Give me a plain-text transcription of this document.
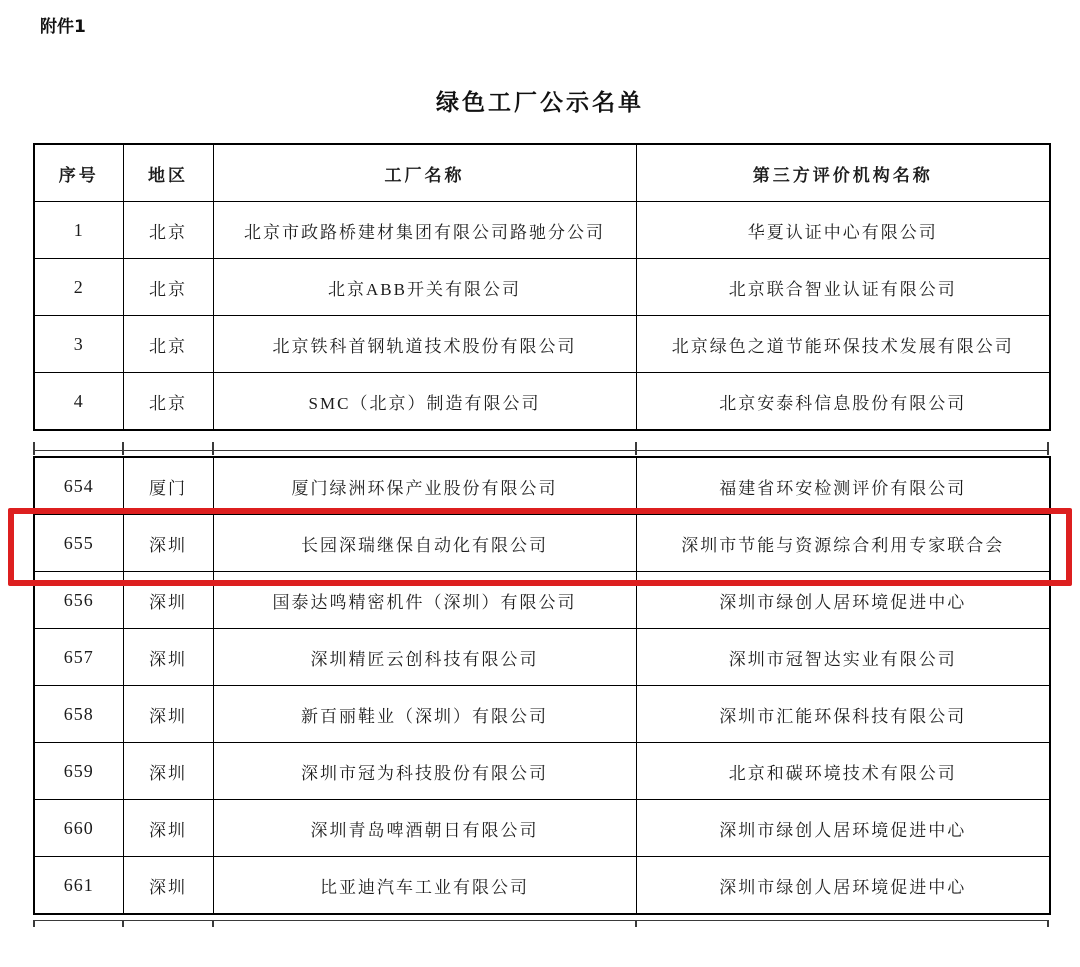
附件1
绿色工厂公示名单
序号	地区	工厂名称	第三方评价机构名称
1	北京	北京市政路桥建材集团有限公司路驰分公司	华夏认证中心有限公司
2	北京	北京ABB开关有限公司	北京联合智业认证有限公司
3	北京	北京铁科首钢轨道技术股份有限公司	北京绿色之道节能环保技术发展有限公司
4	北京	SMC（北京）制造有限公司	北京安泰科信息股份有限公司
654	厦门	厦门绿洲环保产业股份有限公司	福建省环安检测评价有限公司
655	深圳	长园深瑞继保自动化有限公司	深圳市节能与资源综合利用专家联合会
656	深圳	国泰达鸣精密机件（深圳）有限公司	深圳市绿创人居环境促进中心
657	深圳	深圳精匠云创科技有限公司	深圳市冠智达实业有限公司
658	深圳	新百丽鞋业（深圳）有限公司	深圳市汇能环保科技有限公司
659	深圳	深圳市冠为科技股份有限公司	北京和碳环境技术有限公司
660	深圳	深圳青岛啤酒朝日有限公司	深圳市绿创人居环境促进中心
661	深圳	比亚迪汽车工业有限公司	深圳市绿创人居环境促进中心
